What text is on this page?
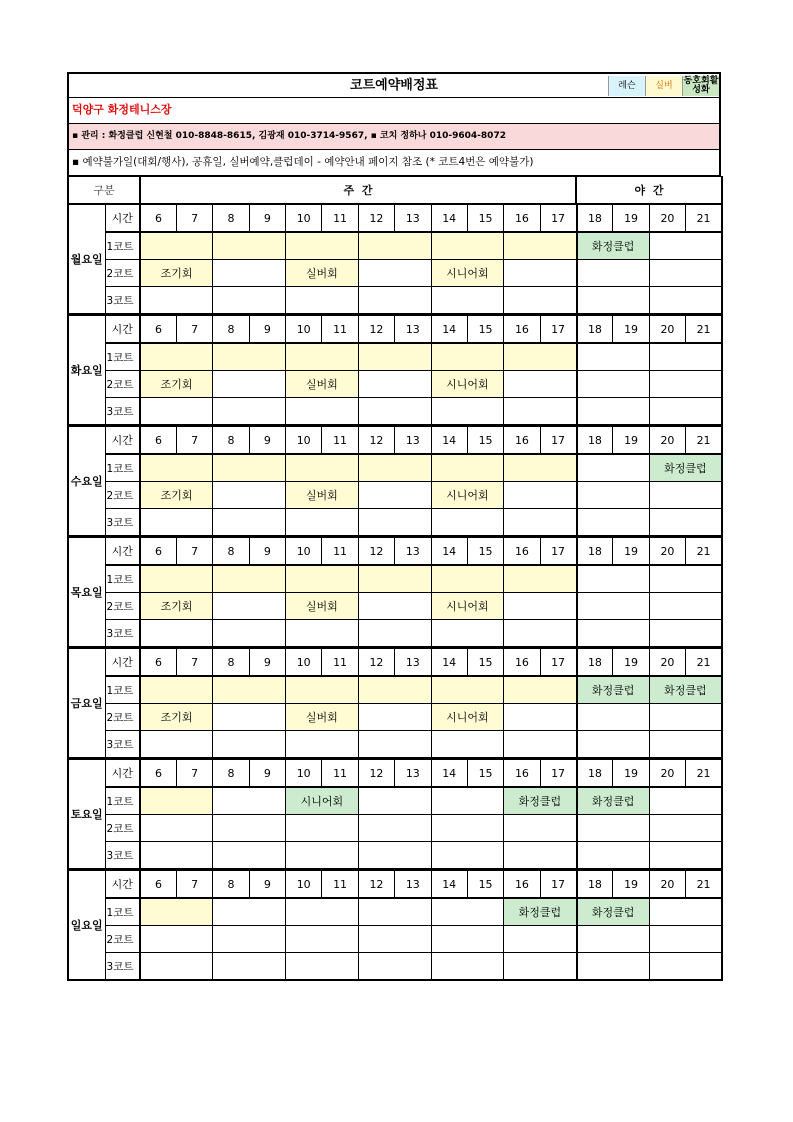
코트예약배정표	레슨	실버	동호회활성화
덕양구 화정테니스장
▪ 관리 : 화정클럽 신현철 010-8848-8615, 김광재 010-3714-9567, ▪ 코치 정하나 010-9604-8072
▪ 예약불가일(대회/행사), 공휴일, 실버예약,클럽데이 - 예약안내 페이지 참조 (* 코트4번은 예약불가)
구분	주  간	야  간
월요일	시간	6	7	8	9	10	11	12	13	14	15	16	17	18	19	20	21
	1코트													화정클럽			
	2코트	조기회				실버회				시니어회							
	3코트																
화요일	시간	6	7	8	9	10	11	12	13	14	15	16	17	18	19	20	21
	1코트																
	2코트	조기회				실버회				시니어회							
	3코트																
수요일	시간	6	7	8	9	10	11	12	13	14	15	16	17	18	19	20	21
	1코트															화정클럽	
	2코트	조기회				실버회				시니어회							
	3코트																
목요일	시간	6	7	8	9	10	11	12	13	14	15	16	17	18	19	20	21
	1코트																
	2코트	조기회				실버회				시니어회							
	3코트																
금요일	시간	6	7	8	9	10	11	12	13	14	15	16	17	18	19	20	21
	1코트													화정클럽		화정클럽	
	2코트	조기회				실버회				시니어회							
	3코트																
토요일	시간	6	7	8	9	10	11	12	13	14	15	16	17	18	19	20	21
	1코트					시니어회						화정클럽		화정클럽			
	2코트																
	3코트																
일요일	시간	6	7	8	9	10	11	12	13	14	15	16	17	18	19	20	21
	1코트											화정클럽		화정클럽			
	2코트																
	3코트																
